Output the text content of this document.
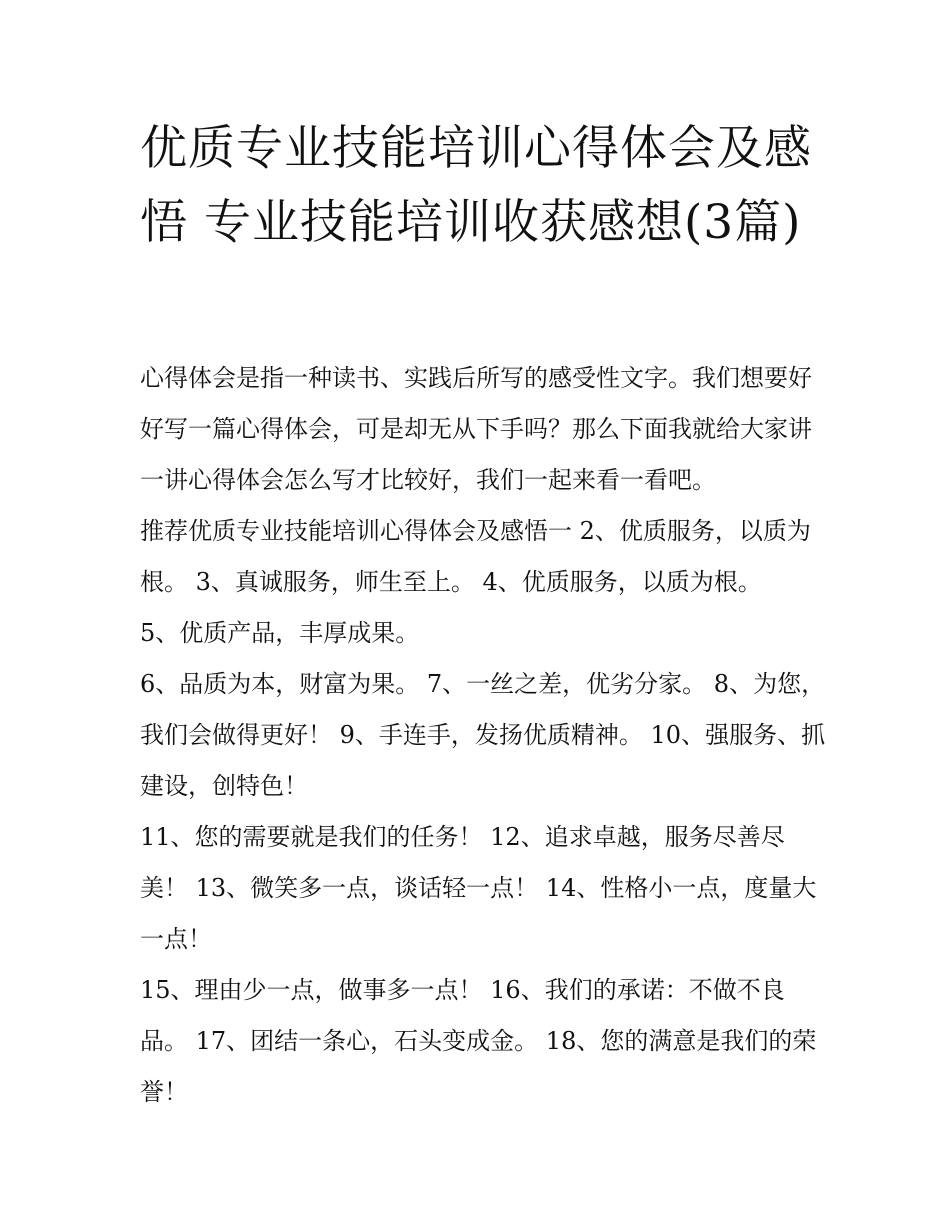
优质专业技能培训心得体会及感悟 专业技能培训收获感想(3篇)

心得体会是指一种读书、实践后所写的感受性文字。我们想要好好写一篇心得体会，可是却无从下手吗？那么下面我就给大家讲一讲心得体会怎么写才比较好，我们一起来看一看吧。

推荐优质专业技能培训心得体会及感悟一 2、优质服务，以质为根。 3、真诚服务，师生至上。 4、优质服务，以质为根。

5、优质产品，丰厚成果。

6、品质为本，财富为果。 7、一丝之差，优劣分家。 8、为您，我们会做得更好！ 9、手连手，发扬优质精神。 10、强服务、抓建设，创特色！

11、您的需要就是我们的任务！ 12、追求卓越，服务尽善尽美！ 13、微笑多一点，谈话轻一点！ 14、性格小一点，度量大一点！

15、理由少一点，做事多一点！ 16、我们的承诺：不做不良品。 17、团结一条心，石头变成金。 18、您的满意是我们的荣誉！
